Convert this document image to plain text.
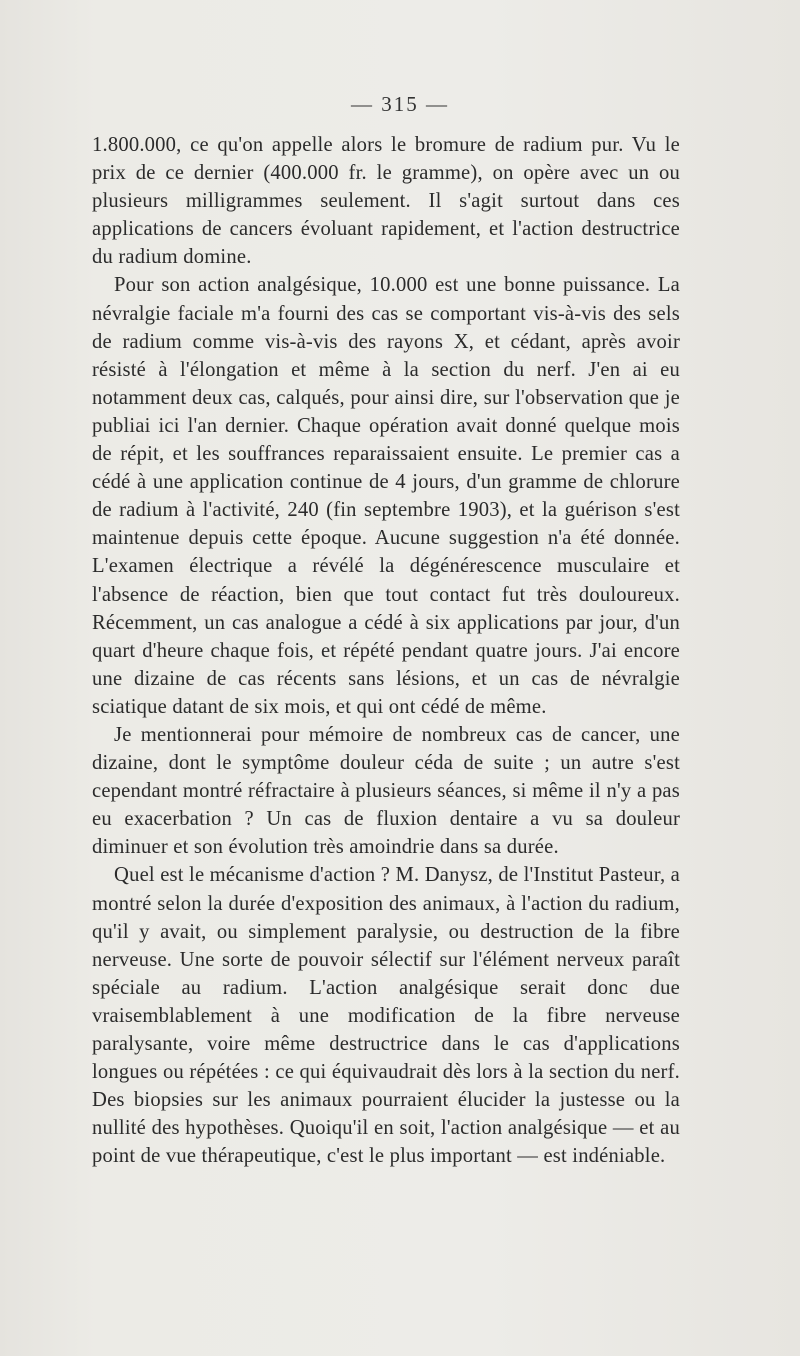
— 315 —

1.800.000, ce qu'on appelle alors le bromure de radium pur. Vu le prix de ce dernier (400.000 fr. le gramme), on opère avec un ou plusieurs milligrammes seulement. Il s'agit surtout dans ces applications de cancers évoluant rapidement, et l'action destructrice du radium domine.

Pour son action analgésique, 10.000 est une bonne puissance. La névralgie faciale m'a fourni des cas se comportant vis-à-vis des sels de radium comme vis-à-vis des rayons X, et cédant, après avoir résisté à l'élongation et même à la section du nerf. J'en ai eu notamment deux cas, calqués, pour ainsi dire, sur l'observation que je publiai ici l'an dernier. Chaque opération avait donné quelque mois de répit, et les souffrances reparaissaient ensuite. Le premier cas a cédé à une application continue de 4 jours, d'un gramme de chlorure de radium à l'activité, 240 (fin septembre 1903), et la guérison s'est maintenue depuis cette époque. Aucune suggestion n'a été donnée. L'examen électrique a révélé la dégénérescence musculaire et l'absence de réaction, bien que tout contact fut très douloureux. Récemment, un cas analogue a cédé à six applications par jour, d'un quart d'heure chaque fois, et répété pendant quatre jours. J'ai encore une dizaine de cas récents sans lésions, et un cas de névralgie sciatique datant de six mois, et qui ont cédé de même.

Je mentionnerai pour mémoire de nombreux cas de cancer, une dizaine, dont le symptôme douleur céda de suite ; un autre s'est cependant montré réfractaire à plusieurs séances, si même il n'y a pas eu exacerbation ? Un cas de fluxion dentaire a vu sa douleur diminuer et son évolution très amoindrie dans sa durée.

Quel est le mécanisme d'action ? M. Danysz, de l'Institut Pasteur, a montré selon la durée d'exposition des animaux, à l'action du radium, qu'il y avait, ou simplement paralysie, ou destruction de la fibre nerveuse. Une sorte de pouvoir sélectif sur l'élément nerveux paraît spéciale au radium. L'action analgésique serait donc due vraisemblablement à une modification de la fibre nerveuse paralysante, voire même destructrice dans le cas d'applications longues ou répétées : ce qui équivaudrait dès lors à la section du nerf. Des biopsies sur les animaux pourraient élucider la justesse ou la nullité des hypothèses. Quoiqu'il en soit, l'action analgésique — et au point de vue thérapeutique, c'est le plus important — est indéniable.
